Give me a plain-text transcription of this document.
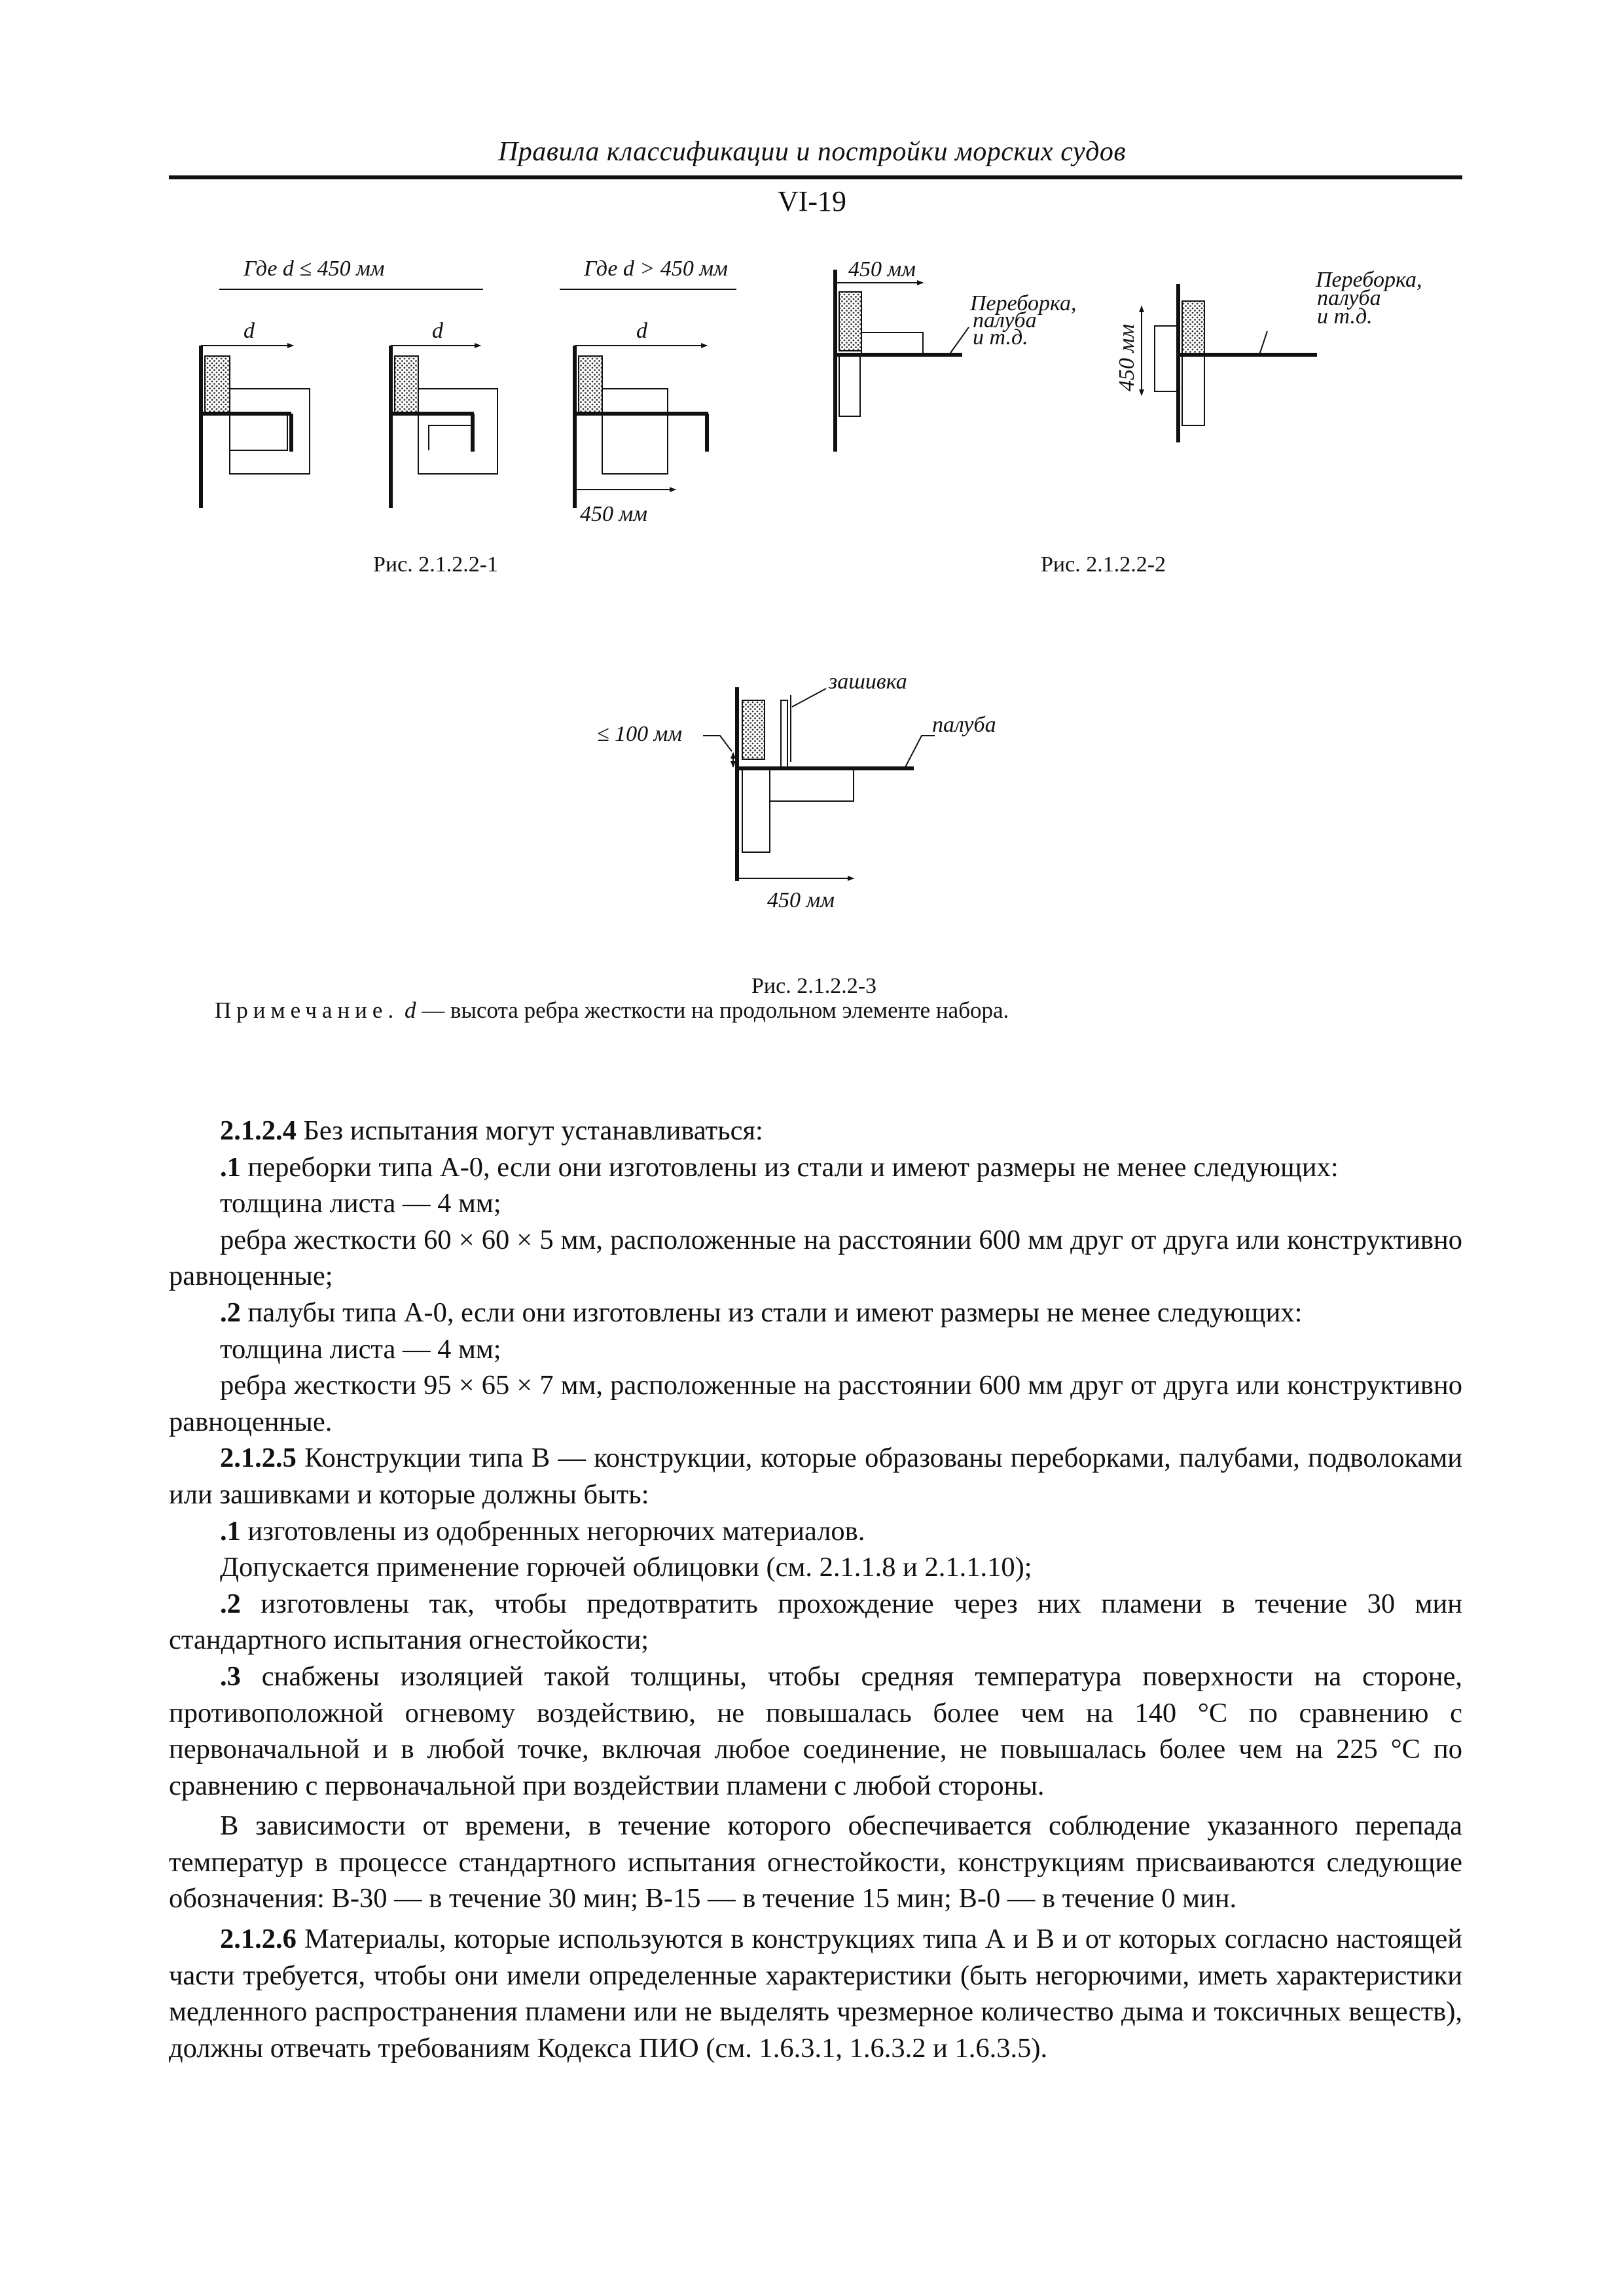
Правила классификации и постройки морских судов
VI-19
Где d ≤ 450 мм	Где d > 450 мм
d	d	d
450 мм
450 мм
Переборка,
палуба
и т.д.	450 мм
Переборка,
палуба
и т.д.
≤ 100 мм
зашивка
палуба
450 мм
Рис. 2.1.2.2-1	Рис. 2.1.2.2-2
Рис. 2.1.2.2-3
Примечание. d — высота ребра жесткости на продольном элементе набора.

2.1.2.4 Без испытания могут устанавливаться:

.1 переборки типа А-0, если они изготовлены из стали и имеют размеры не менее следующих:

толщина листа — 4 мм;

ребра жесткости 60 × 60 × 5 мм, расположенные на расстоянии 600 мм друг от друга или конструктивно равноценные;

.2 палубы типа А-0, если они изготовлены из стали и имеют размеры не менее следующих:

толщина листа — 4 мм;

ребра жесткости 95 × 65 × 7 мм, расположенные на расстоянии 600 мм друг от друга или конструктивно равноценные.

2.1.2.5 Конструкции типа В — конструкции, которые образованы переборками, палубами, подволоками или зашивками и которые должны быть:

.1 изготовлены из одобренных негорючих материалов.

Допускается применение горючей облицовки (см. 2.1.1.8 и 2.1.1.10);

.2 изготовлены так, чтобы предотвратить прохождение через них пламени в течение 30 мин стандартного испытания огнестойкости;

.3 снабжены изоляцией такой толщины, чтобы средняя температура поверхности на стороне, противоположной огневому воздействию, не повышалась более чем на 140 °С по сравнению с первоначальной и в любой точке, включая любое соединение, не повышалась более чем на 225 °С по сравнению с первоначальной при воздействии пламени с любой стороны.

В зависимости от времени, в течение которого обеспечивается соблюдение указанного перепада температур в процессе стандартного испытания огнестойкости, конструкциям присваиваются следующие обозначения: В-30 — в течение 30 мин; В-15 — в течение 15 мин; В-0 — в течение 0 мин.

2.1.2.6 Материалы, которые используются в конструкциях типа А и В и от которых согласно настоящей части требуется, чтобы они имели определенные характеристики (быть негорючими, иметь характеристики медленного распространения пламени или не выделять чрезмерное количество дыма и токсичных веществ), должны отвечать требованиям Кодекса ПИО (см. 1.6.3.1, 1.6.3.2 и 1.6.3.5).
